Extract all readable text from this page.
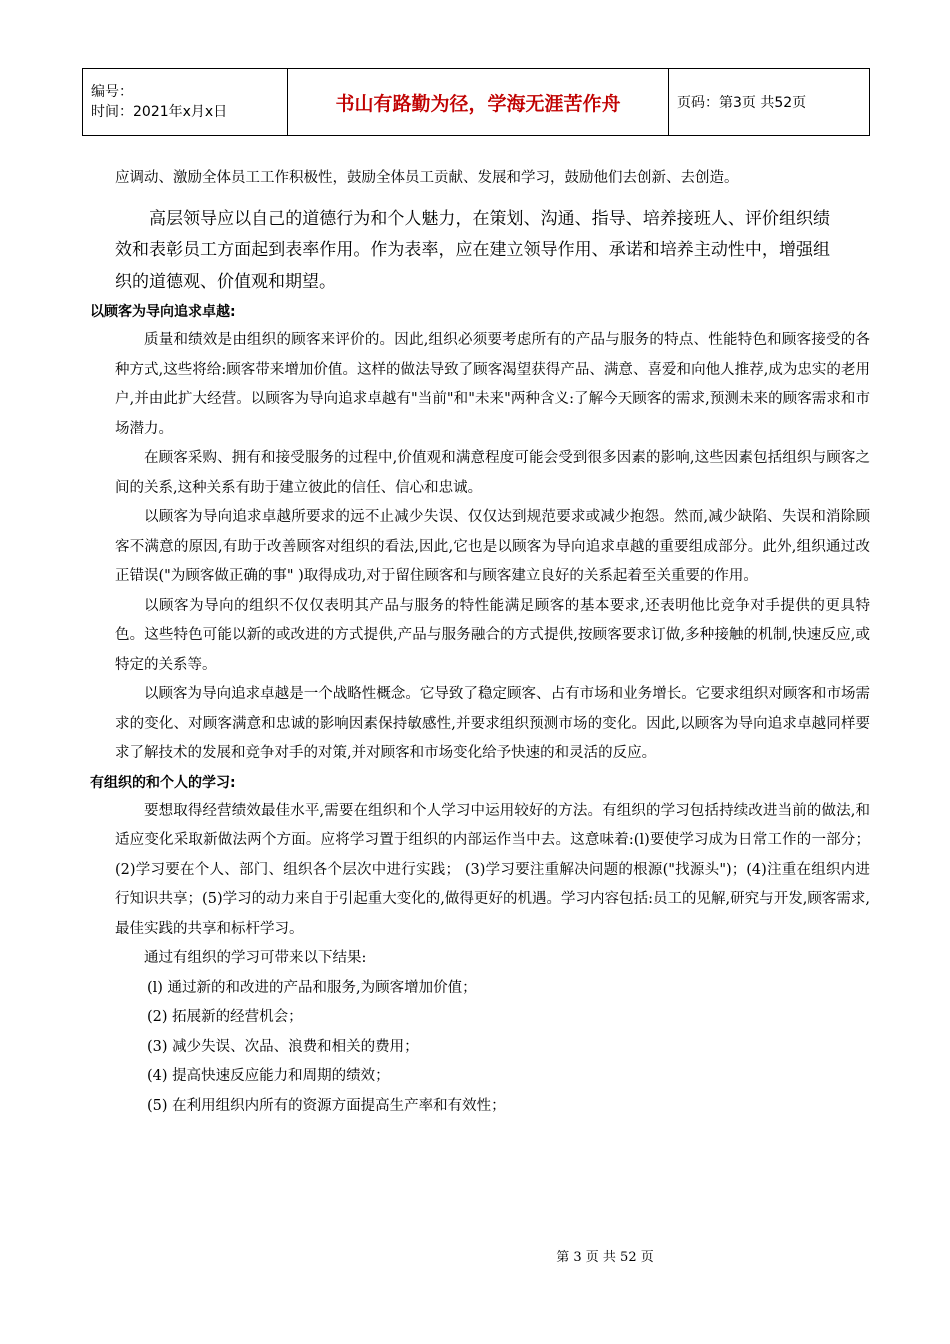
编号：
时间：2021年x月x日	书山有路勤为径，学海无涯苦作舟	页码：第3页 共52页

应调动、激励全体员工工作积极性，鼓励全体员工贡献、发展和学习，鼓励他们去创新、去创造。

高层领导应以自己的道德行为和个人魅力，在策划、沟通、指导、培养接班人、评价组织绩效和表彰员工方面起到表率作用。作为表率，应在建立领导作用、承诺和培养主动性中，增强组织的道德观、价值观和期望。

以顾客为导向追求卓越:

质量和绩效是由组织的顾客来评价的。因此,组织必须要考虑所有的产品与服务的特点、性能特色和顾客接受的各种方式,这些将给:顾客带来增加价值。这样的做法导致了顾客渴望获得产品、满意、喜爱和向他人推荐,成为忠实的老用户,并由此扩大经营。以顾客为导向追求卓越有"当前"和"未来"两种含义:了解今天顾客的需求,预测未来的顾客需求和市场潜力。

在顾客采购、拥有和接受服务的过程中,价值观和满意程度可能会受到很多因素的影响,这些因素包括组织与顾客之间的关系,这种关系有助于建立彼此的信任、信心和忠诚。

以顾客为导向追求卓越所要求的远不止减少失误、仅仅达到规范要求或减少抱怨。然而,减少缺陷、失误和消除顾客不满意的原因,有助于改善顾客对组织的看法,因此,它也是以顾客为导向追求卓越的重要组成部分。此外,组织通过改正错误("为顾客做正确的事" )取得成功,对于留住顾客和与顾客建立良好的关系起着至关重要的作用。

以顾客为导向的组织不仅仅表明其产品与服务的特性能满足顾客的基本要求,还表明他比竞争对手提供的更具特色。这些特色可能以新的或改进的方式提供,产品与服务融合的方式提供,按顾客要求订做,多种接触的机制,快速反应,或特定的关系等。

以顾客为导向追求卓越是一个战略性概念。它导致了稳定顾客、占有市场和业务增长。它要求组织对顾客和市场需求的变化、对顾客满意和忠诚的影响因素保持敏感性,并要求组织预测市场的变化。因此,以顾客为导向追求卓越同样要求了解技术的发展和竞争对手的对策,并对顾客和市场变化给予快速的和灵活的反应。

有组织的和个人的学习:

要想取得经营绩效最佳水平,需要在组织和个人学习中运用较好的方法。有组织的学习包括持续改进当前的做法,和适应变化采取新做法两个方面。应将学习置于组织的内部运作当中去。这意味着:(l)要使学习成为日常工作的一部分；(2)学习要在个人、部门、组织各个层次中进行实践； (3)学习要注重解决问题的根源("找源头")；(4)注重在组织内进行知识共享；(5)学习的动力来自于引起重大变化的,做得更好的机遇。学习内容包括:员工的见解,研究与开发,顾客需求,最佳实践的共享和标杆学习。

通过有组织的学习可带来以下结果:

(l) 通过新的和改进的产品和服务,为顾客增加价值；

(2) 拓展新的经营机会；

(3) 减少失误、次品、浪费和相关的费用；

(4) 提高快速反应能力和周期的绩效；

(5) 在利用组织内所有的资源方面提高生产率和有效性；

第 3 页 共 52 页
